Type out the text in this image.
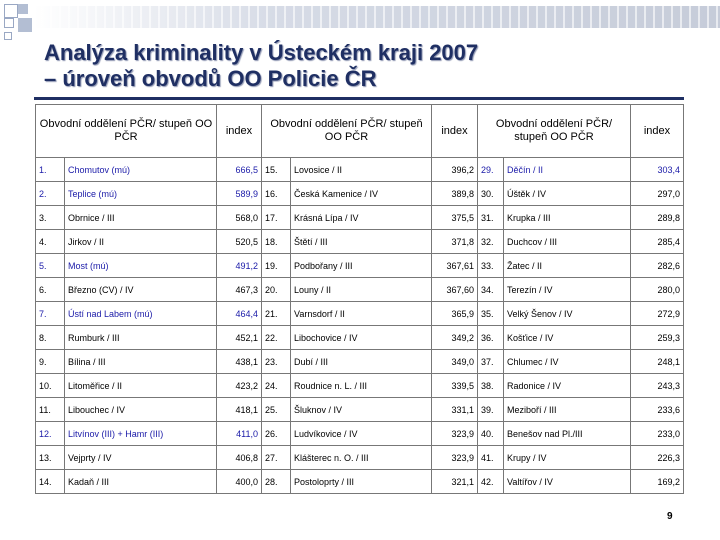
Analýza kriminality v Ústeckém kraji 2007
– úroveň obvodů OO Policie ČR
Obvodní oddělení PČR/ stupeň OO PČR		index	Obvodní oddělení PČR/ stupeň OO PČR		index	Obvodní oddělení PČR/ stupeň OO PČR		index
1.	Chomutov (mú)	666,5	15.	Lovosice / II	396,2	29.	Děčín / II	303,4
2.	Teplice (mú)	589,9	16.	Česká Kamenice / IV	389,8	30.	Úštěk / IV	297,0
3.	Obrnice / III	568,0	17.	Krásná Lípa / IV	375,5	31.	Krupka / III	289,8
4.	Jirkov / II	520,5	18.	Štětí / III	371,8	32.	Duchcov / III	285,4
5.	Most (mú)	491,2	19.	Podbořany / III	367,61	33.	Žatec / II	282,6
6.	Březno (CV) / IV	467,3	20.	Louny / II	367,60	34.	Terezín / IV	280,0
7.	Ústí nad Labem (mú)	464,4	21.	Varnsdorf / II	365,9	35.	Velký Šenov / IV	272,9
8.	Rumburk / III	452,1	22.	Libochovice / IV	349,2	36.	Košťice / IV	259,3
9.	Bílina / III	438,1	23.	Dubí / III	349,0	37.	Chlumec / IV	248,1
10.	Litoměřice / II	423,2	24.	Roudnice n. L. / III	339,5	38.	Radonice / IV	243,3
11.	Libouchec / IV	418,1	25.	Šluknov / IV	331,1	39.	Meziboří / III	233,6
12.	Litvínov (III) + Hamr (III)	411,0	26.	Ludvíkovice / IV	323,9	40.	Benešov nad Pl./III	233,0
13.	Vejprty / IV	406,8	27.	Klášterec n. O. / III	323,9	41.	Krupy / IV	226,3
14.	Kadaň / III	400,0	28.	Postoloprty / III	321,1	42.	Valtířov / IV	169,2
9
